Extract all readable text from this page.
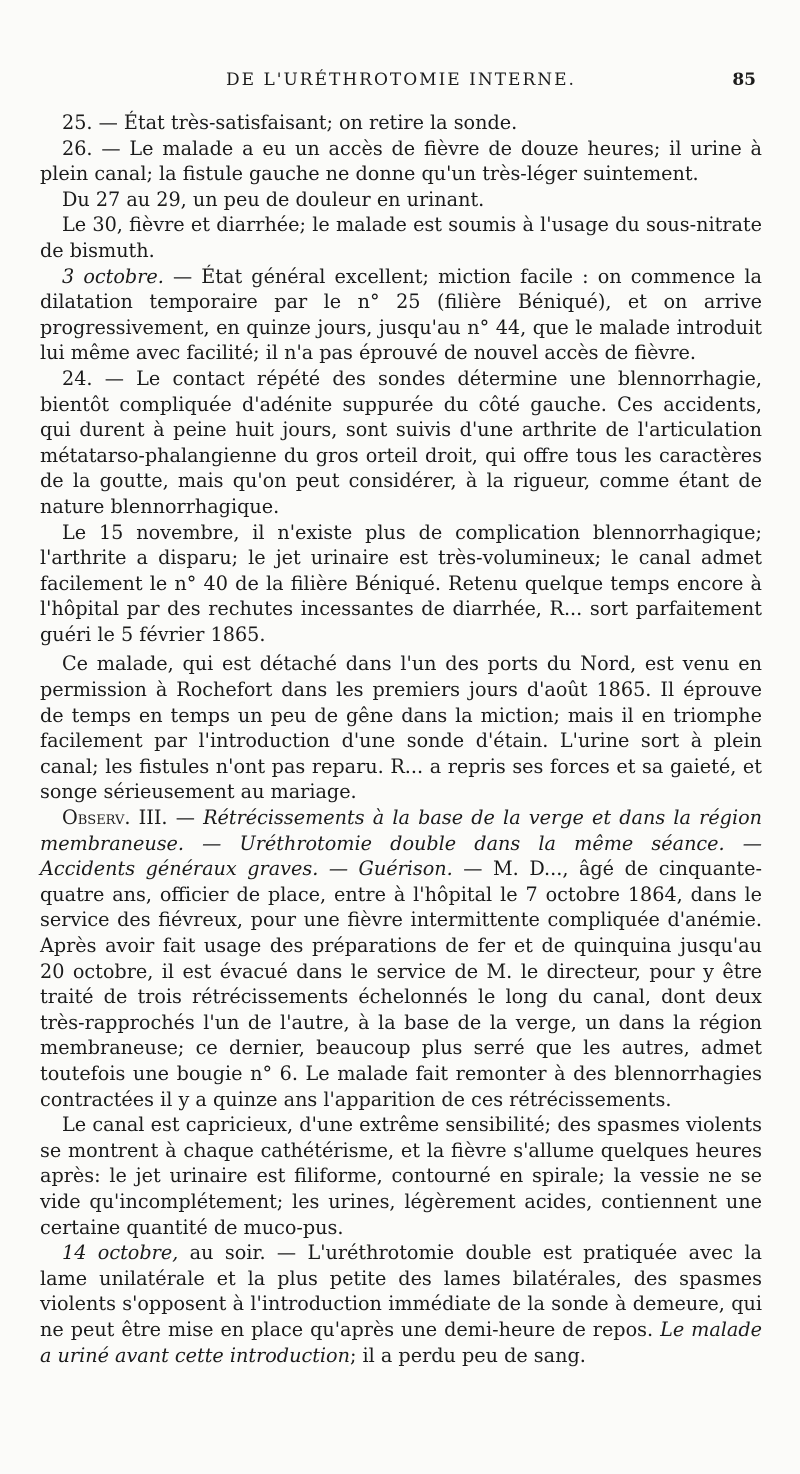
DE L'URÉTHROTOMIE INTERNE.	85

25. — État très-satisfaisant; on retire la sonde.

26. — Le malade a eu un accès de fièvre de douze heures; il urine à plein canal; la fistule gauche ne donne qu'un très-léger suintement.

Du 27 au 29, un peu de douleur en urinant.

Le 30, fièvre et diarrhée; le malade est soumis à l'usage du sous-nitrate de bismuth.

3 octobre. — État général excellent; miction facile : on commence la dilatation temporaire par le n° 25 (filière Béniqué), et on arrive progressivement, en quinze jours, jusqu'au n° 44, que le malade introduit lui même avec facilité; il n'a pas éprouvé de nouvel accès de fièvre.

24. — Le contact répété des sondes détermine une blennorrhagie, bientôt compliquée d'adénite suppurée du côté gauche. Ces accidents, qui durent à peine huit jours, sont suivis d'une arthrite de l'articulation métatarso-phalangienne du gros orteil droit, qui offre tous les caractères de la goutte, mais qu'on peut considérer, à la rigueur, comme étant de nature blennorrhagique.

Le 15 novembre, il n'existe plus de complication blennorrhagique; l'arthrite a disparu; le jet urinaire est très-volumineux; le canal admet facilement le n° 40 de la filière Béniqué. Retenu quelque temps encore à l'hôpital par des rechutes incessantes de diarrhée, R... sort parfaitement guéri le 5 février 1865.

Ce malade, qui est détaché dans l'un des ports du Nord, est venu en permission à Rochefort dans les premiers jours d'août 1865. Il éprouve de temps en temps un peu de gêne dans la miction; mais il en triomphe facilement par l'introduction d'une sonde d'étain. L'urine sort à plein canal; les fistules n'ont pas reparu. R... a repris ses forces et sa gaieté, et songe sérieusement au mariage.

Observ. III. — Rétrécissements à la base de la verge et dans la région membraneuse. — Uréthrotomie double dans la même séance. — Accidents généraux graves. — Guérison. — M. D..., âgé de cinquante-quatre ans, officier de place, entre à l'hôpital le 7 octobre 1864, dans le service des fiévreux, pour une fièvre intermittente compliquée d'anémie. Après avoir fait usage des préparations de fer et de quinquina jusqu'au 20 octobre, il est évacué dans le service de M. le directeur, pour y être traité de trois rétrécissements échelonnés le long du canal, dont deux très-rapprochés l'un de l'autre, à la base de la verge, un dans la région membraneuse; ce dernier, beaucoup plus serré que les autres, admet toutefois une bougie n° 6. Le malade fait remonter à des blennorrhagies contractées il y a quinze ans l'apparition de ces rétrécissements.

Le canal est capricieux, d'une extrême sensibilité; des spasmes violents se montrent à chaque cathétérisme, et la fièvre s'allume quelques heures après: le jet urinaire est filiforme, contourné en spirale; la vessie ne se vide qu'incomplétement; les urines, légèrement acides, contiennent une certaine quantité de muco-pus.

14 octobre, au soir. — L'uréthrotomie double est pratiquée avec la lame unilatérale et la plus petite des lames bilatérales, des spasmes violents s'opposent à l'introduction immédiate de la sonde à demeure, qui ne peut être mise en place qu'après une demi-heure de repos. Le malade a uriné avant cette introduction; il a perdu peu de sang.
